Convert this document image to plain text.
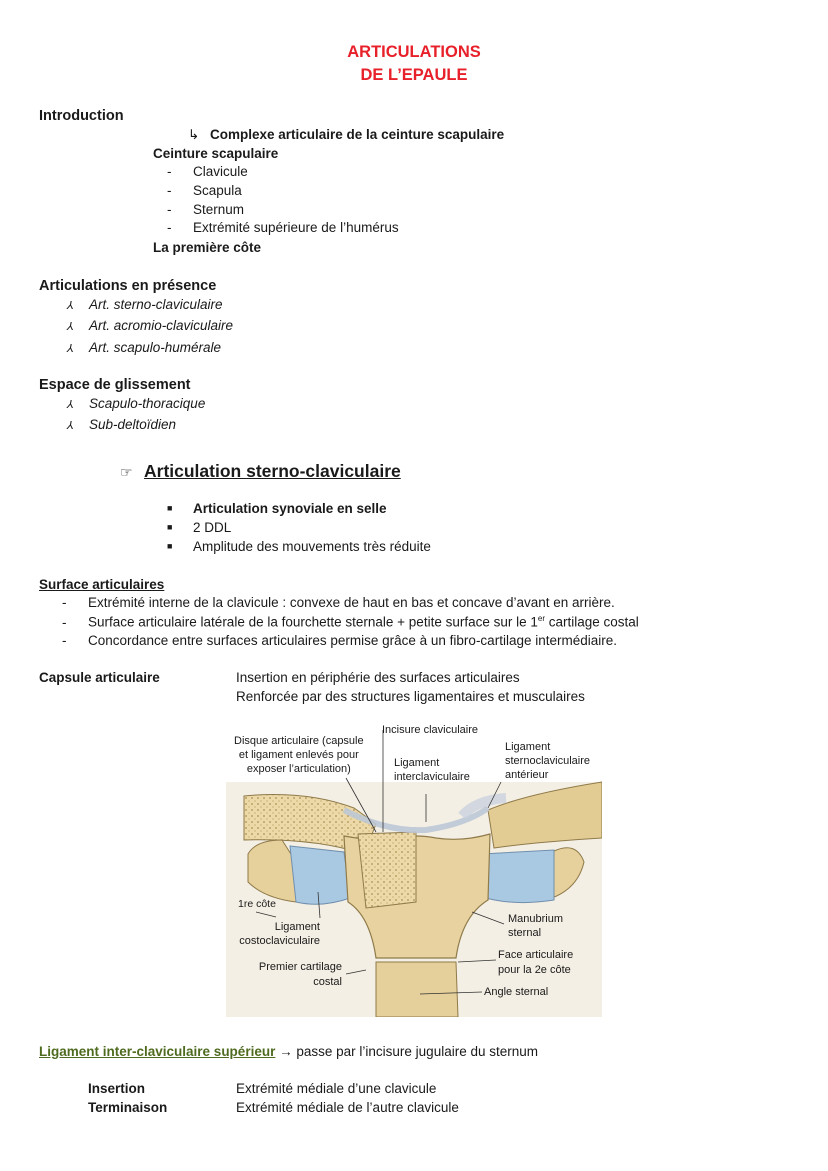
ARTICULATIONS
DE L’EPAULE
Introduction
↳ Complexe articulaire de la ceinture scapulaire
Ceinture scapulaire
- Clavicule
- Scapula
- Sternum
- Extrémité supérieure de l’humérus
La première côte
Articulations en présence
⅄ Art. sterno-claviculaire
⅄ Art. acromio-claviculaire
⅄ Art. scapulo-humérale
Espace de glissement
⅄ Scapulo-thoracique
⅄ Sub-deltoïdien
☞ Articulation sterno-claviculaire
■ Articulation synoviale en selle
■ 2 DDL
■ Amplitude des mouvements très réduite
Surface articulaires
- Extrémité interne de la clavicule : convexe de haut en bas et concave d’avant en arrière.
- Surface articulaire latérale de la fourchette sternale + petite surface sur le 1er cartilage costal
- Concordance entre surfaces articulaires permise grâce à un fibro-cartilage intermédiaire.
Capsule articulaire	Insertion en périphérie des surfaces articulaires
Renforcée par des structures ligamentaires et musculaires
Disque articulaire (capsule
et ligament enlevés pour
exposer l’articulation)
Incisure claviculaire
Ligament
interclaviculaire
Ligament
sternoclaviculaire
antérieur
1re côte
Ligament
costoclaviculaire
Manubrium
sternal
Premier cartilage
costal
Face articulaire
pour la 2e côte
Angle sternal
Ligament inter-claviculaire supérieur → passe par l’incisure jugulaire du sternum
Insertion	Extrémité médiale d’une clavicule
Terminaison	Extrémité médiale de l’autre clavicule
